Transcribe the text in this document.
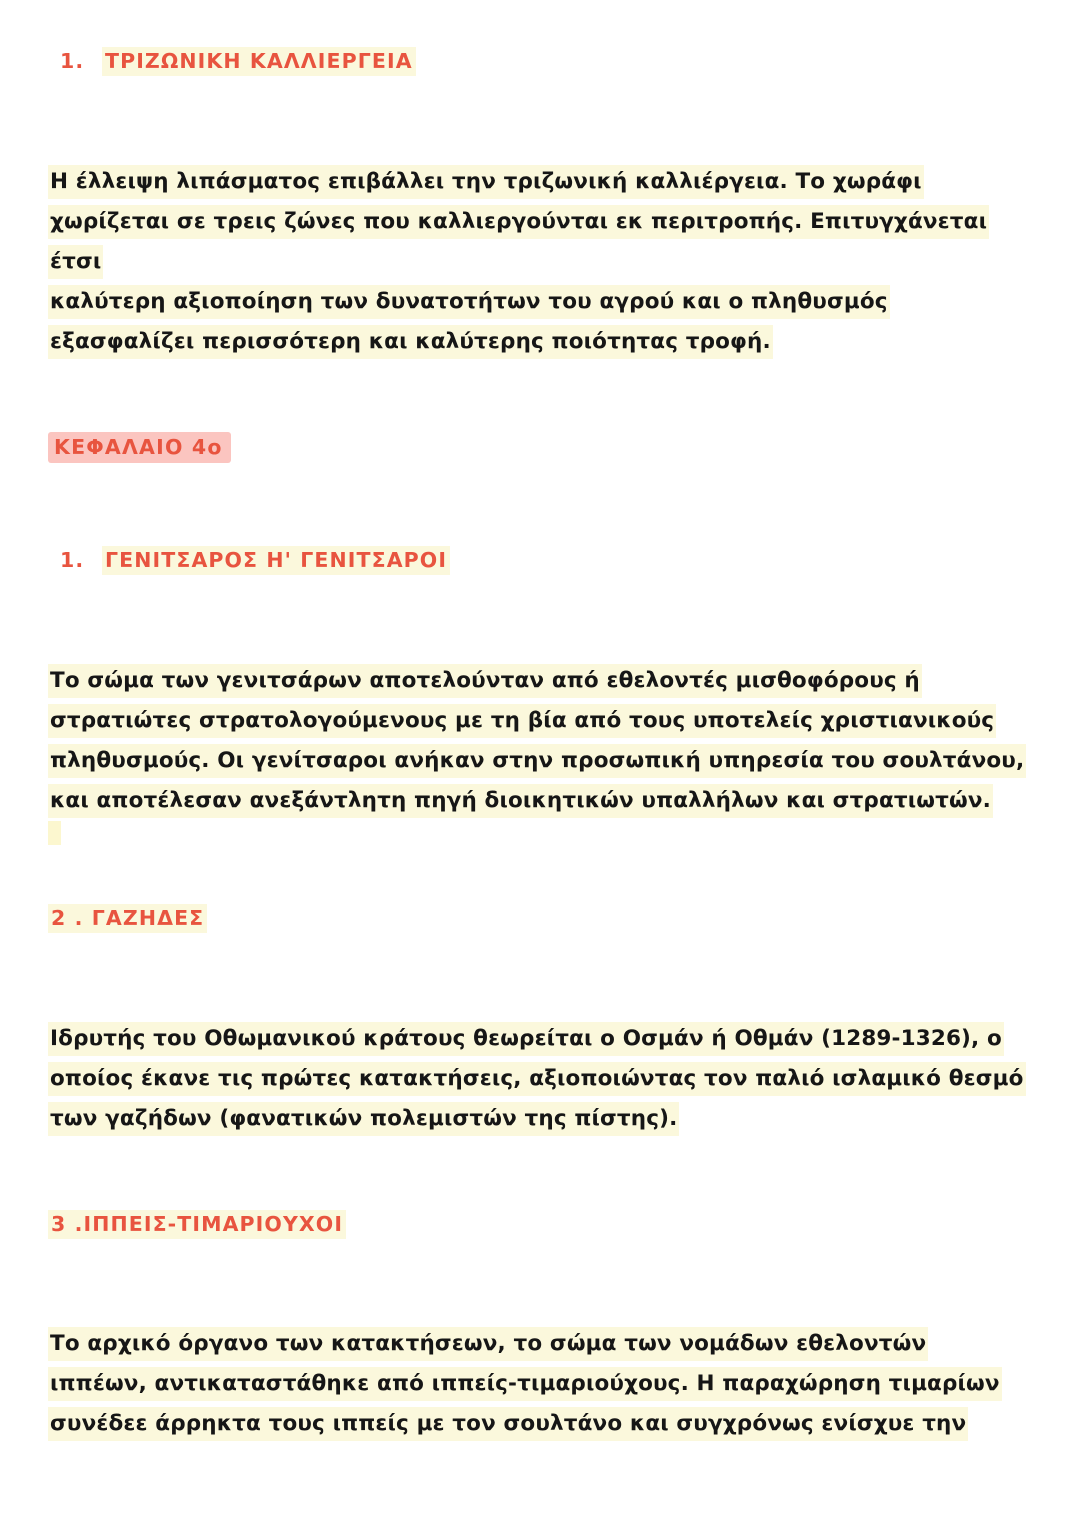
1.	ΤΡΙΖΩΝΙΚΗ ΚΑΛΛΙΕΡΓΕΙΑ
Η έλλειψη λιπάσματος επιβάλλει την τριζωνική καλλιέργεια. Το χωράφι
χωρίζεται σε τρεις ζώνες που καλλιεργούνται εκ περιτροπής. Επιτυγχάνεται έτσι
καλύτερη αξιοποίηση των δυνατοτήτων του αγρού και ο πληθυσμός
εξασφαλίζει περισσότερη και καλύτερης ποιότητας τροφή.
ΚΕΦΑΛΑΙΟ 4ο
1.	ΓΕΝΙΤΣΑΡΟΣ Η' ΓΕΝΙΤΣΑΡΟΙ
Το σώμα των γενιτσάρων αποτελούνταν από εθελοντές μισθοφόρους ή
στρατιώτες στρατολογούμενους με τη βία από τους υποτελείς χριστιανικούς
πληθυσμούς. Οι γενίτσαροι ανήκαν στην προσωπική υπηρεσία του σουλτάνου,
και αποτέλεσαν ανεξάντλητη πηγή διοικητικών υπαλλήλων και στρατιωτών.
2 . ΓΑΖΗΔΕΣ
Ιδρυτής του Οθωμανικού κράτους θεωρείται ο Οσμάν ή Οθμάν (1289-1326), ο
οποίος έκανε τις πρώτες κατακτήσεις, αξιοποιώντας τον παλιό ισλαμικό θεσμό
των γαζήδων (φανατικών πολεμιστών της πίστης).
3 .ΙΠΠΕΙΣ-ΤΙΜΑΡΙΟΥΧΟΙ
Το αρχικό όργανο των κατακτήσεων, το σώμα των νομάδων εθελοντών
ιππέων, αντικαταστάθηκε από ιππείς-τιμαριούχους. Η παραχώρηση τιμαρίων
συνέδεε άρρηκτα τους ιππείς με τον σουλτάνο και συγχρόνως ενίσχυε την
